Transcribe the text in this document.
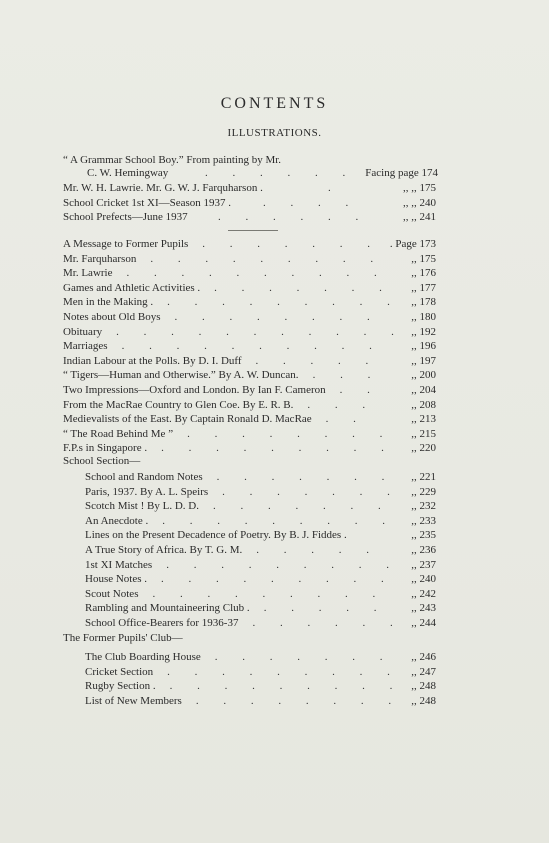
CONTENTS
ILLUSTRATIONS.
“ A Grammar School Boy.” From painting by Mr.
C. W. Hemingway	. . . . . . Facing page 174
Mr. W. H. Lawrie. Mr. G. W. J. Farquharson .	.	,, ,, 175
School Cricket 1st XI—Season 1937 .	. . . .	,, ,, 240
School Prefects—June 1937	. . . . . .	,, ,, 241
A Message to Former Pupils . . . . . . . . Page 173
Mr. Farquharson . . . . . . . . . ,, 175
Mr. Lawrie . . . . . . . . . . ,, 176
Games and Athletic Activities . . . . . . . . ,, 177
Men in the Making . . . . . . . . . . ,, 178
Notes about Old Boys . . . . . . . .	,, 180
Obituary . . . . . . . . . . . ,, 192
Marriages . . . . . . . . . .	,, 196
Indian Labour at the Polls. By D. I. Duff . . . . .	,, 197
“ Tigers—Human and Otherwise.” By A. W. Duncan. . . .	,, 200
Two Impressions—Oxford and London. By Ian F. Cameron . .	,, 204
From the MacRae Country to Glen Coe. By E. R. B. . . .	,, 208
Medievalists of the East. By Captain Ronald D. MacRae . .	,, 213
“ The Road Behind Me ” . . . . . . . . ,, 215
F.P.s in Singapore . . . . . . . . . . ,, 220
School Section—
School and Random Notes . . . . . . . ,, 221
Paris, 1937. By A. L. Speirs . . . . . . . ,, 229
Scotch Mist ! By L. D. D. . . . . . . . ,, 232
An Anecdote . . . . . . . . . . ,, 233
Lines on the Present Decadence of Poetry. By B. J. Fiddes .	,, 235
A True Story of Africa. By T. G. M. . . . . .	,, 236
1st XI Matches . . . . . . . . . ,, 237
House Notes . . . . . . . . . . ,, 240
Scout Notes . . . . . . . . . ,, 242
Rambling and Mountaineering Club . . . . . . ,, 243
School Office-Bearers for 1936-37 . . . . . . ,, 244
The Former Pupils' Club—
The Club Boarding House . . . . . . . ,, 246
Cricket Section . . . . . . . . . ,, 247
Rugby Section . . . . . . . . . . ,, 248
List of New Members . . . . . . . . ,, 248
